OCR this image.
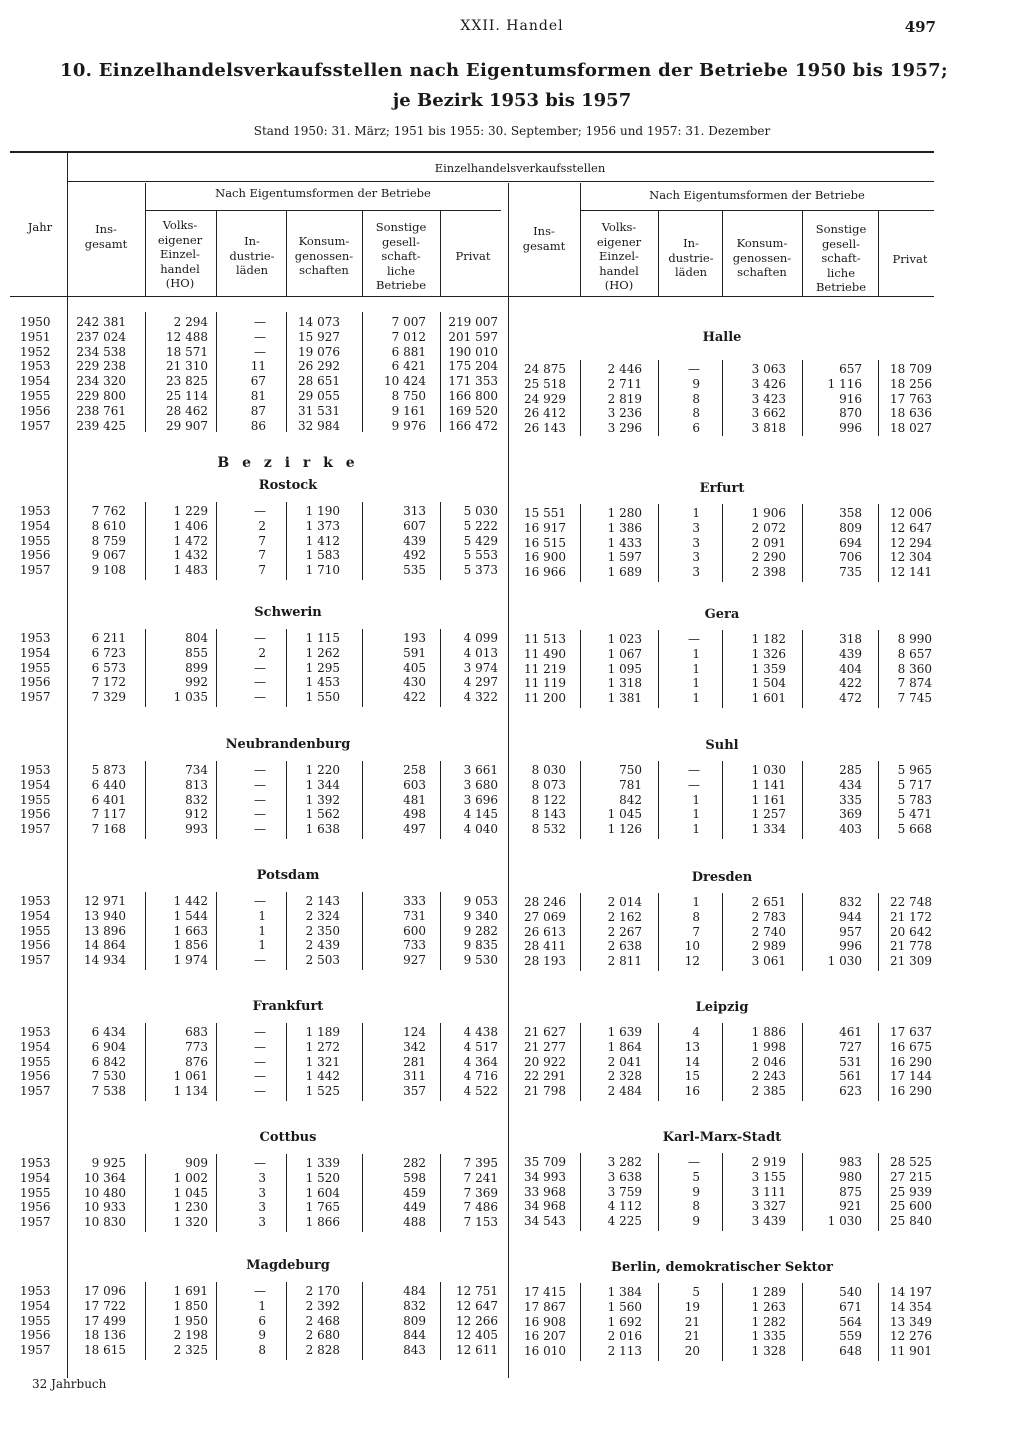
XXII. Handel	497
10. Einzelhandelsverkaufsstellen nach Eigentumsformen der Betriebe 1950 bis 1957;
je Bezirk 1953 bis 1957
Stand 1950: 31. März; 1951 bis 1955: 30. September; 1956 und 1957: 31. Dezember
Jahr
Einzelhandelsverkaufsstellen
Nach Eigentumsformen der Betriebe	Nach Eigentumsformen der Betriebe
Ins-
gesamt
Volks-
eigener
Einzel-
handel
(HO)
In-
dustrie-
läden
Konsum-
genossen-
schaften
Sonstige
gesell-
schaft-
liche
Betriebe
Privat
Ins-
gesamt
Volks-
eigener
Einzel-
handel
(HO)
In-
dustrie-
läden
Konsum-
genossen-
schaften
Sonstige
gesell-
schaft-
liche
Betriebe
Privat
1950	242 381	2 294	—	14 073	7 007	219 007
1951	237 024	12 488	—	15 927	7 012	201 597
1952	234 538	18 571	—	19 076	6 881	190 010
1953	229 238	21 310	11	26 292	6 421	175 204
1954	234 320	23 825	67	28 651	10 424	171 353
1955	229 800	25 114	81	29 055	8 750	166 800
1956	238 761	28 462	87	31 531	9 161	169 520
1957	239 425	29 907	86	32 984	9 976	166 472
Halle
24 875	2 446	—	3 063	657	18 709
25 518	2 711	9	3 426	1 116	18 256
24 929	2 819	8	3 423	916	17 763
26 412	3 236	8	3 662	870	18 636
26 143	3 296	6	3 818	996	18 027
B e z i r k e
Rostock
1953	7 762	1 229	—	1 190	313	5 030
1954	8 610	1 406	2	1 373	607	5 222
1955	8 759	1 472	7	1 412	439	5 429
1956	9 067	1 432	7	1 583	492	5 553
1957	9 108	1 483	7	1 710	535	5 373
Schwerin
1953	6 211	804	—	1 115	193	4 099
1954	6 723	855	2	1 262	591	4 013
1955	6 573	899	—	1 295	405	3 974
1956	7 172	992	—	1 453	430	4 297
1957	7 329	1 035	—	1 550	422	4 322
Neubrandenburg
1953	5 873	734	—	1 220	258	3 661
1954	6 440	813	—	1 344	603	3 680
1955	6 401	832	—	1 392	481	3 696
1956	7 117	912	—	1 562	498	4 145
1957	7 168	993	—	1 638	497	4 040
Potsdam
1953	12 971	1 442	—	2 143	333	9 053
1954	13 940	1 544	1	2 324	731	9 340
1955	13 896	1 663	1	2 350	600	9 282
1956	14 864	1 856	1	2 439	733	9 835
1957	14 934	1 974	—	2 503	927	9 530
Frankfurt
1953	6 434	683	—	1 189	124	4 438
1954	6 904	773	—	1 272	342	4 517
1955	6 842	876	—	1 321	281	4 364
1956	7 530	1 061	—	1 442	311	4 716
1957	7 538	1 134	—	1 525	357	4 522
Cottbus
1953	9 925	909	—	1 339	282	7 395
1954	10 364	1 002	3	1 520	598	7 241
1955	10 480	1 045	3	1 604	459	7 369
1956	10 933	1 230	3	1 765	449	7 486
1957	10 830	1 320	3	1 866	488	7 153
Magdeburg
1953	17 096	1 691	—	2 170	484	12 751
1954	17 722	1 850	1	2 392	832	12 647
1955	17 499	1 950	6	2 468	809	12 266
1956	18 136	2 198	9	2 680	844	12 405
1957	18 615	2 325	8	2 828	843	12 611
Erfurt
15 551	1 280	1	1 906	358	12 006
16 917	1 386	3	2 072	809	12 647
16 515	1 433	3	2 091	694	12 294
16 900	1 597	3	2 290	706	12 304
16 966	1 689	3	2 398	735	12 141
Gera
11 513	1 023	—	1 182	318	8 990
11 490	1 067	1	1 326	439	8 657
11 219	1 095	1	1 359	404	8 360
11 119	1 318	1	1 504	422	7 874
11 200	1 381	1	1 601	472	7 745
Suhl
8 030	750	—	1 030	285	5 965
8 073	781	—	1 141	434	5 717
8 122	842	1	1 161	335	5 783
8 143	1 045	1	1 257	369	5 471
8 532	1 126	1	1 334	403	5 668
Dresden
28 246	2 014	1	2 651	832	22 748
27 069	2 162	8	2 783	944	21 172
26 613	2 267	7	2 740	957	20 642
28 411	2 638	10	2 989	996	21 778
28 193	2 811	12	3 061	1 030	21 309
Leipzig
21 627	1 639	4	1 886	461	17 637
21 277	1 864	13	1 998	727	16 675
20 922	2 041	14	2 046	531	16 290
22 291	2 328	15	2 243	561	17 144
21 798	2 484	16	2 385	623	16 290
Karl-Marx-Stadt
35 709	3 282	—	2 919	983	28 525
34 993	3 638	5	3 155	980	27 215
33 968	3 759	9	3 111	875	25 939
34 968	4 112	8	3 327	921	25 600
34 543	4 225	9	3 439	1 030	25 840
Berlin, demokratischer Sektor
17 415	1 384	5	1 289	540	14 197
17 867	1 560	19	1 263	671	14 354
16 908	1 692	21	1 282	564	13 349
16 207	2 016	21	1 335	559	12 276
16 010	2 113	20	1 328	648	11 901
32 Jahrbuch
